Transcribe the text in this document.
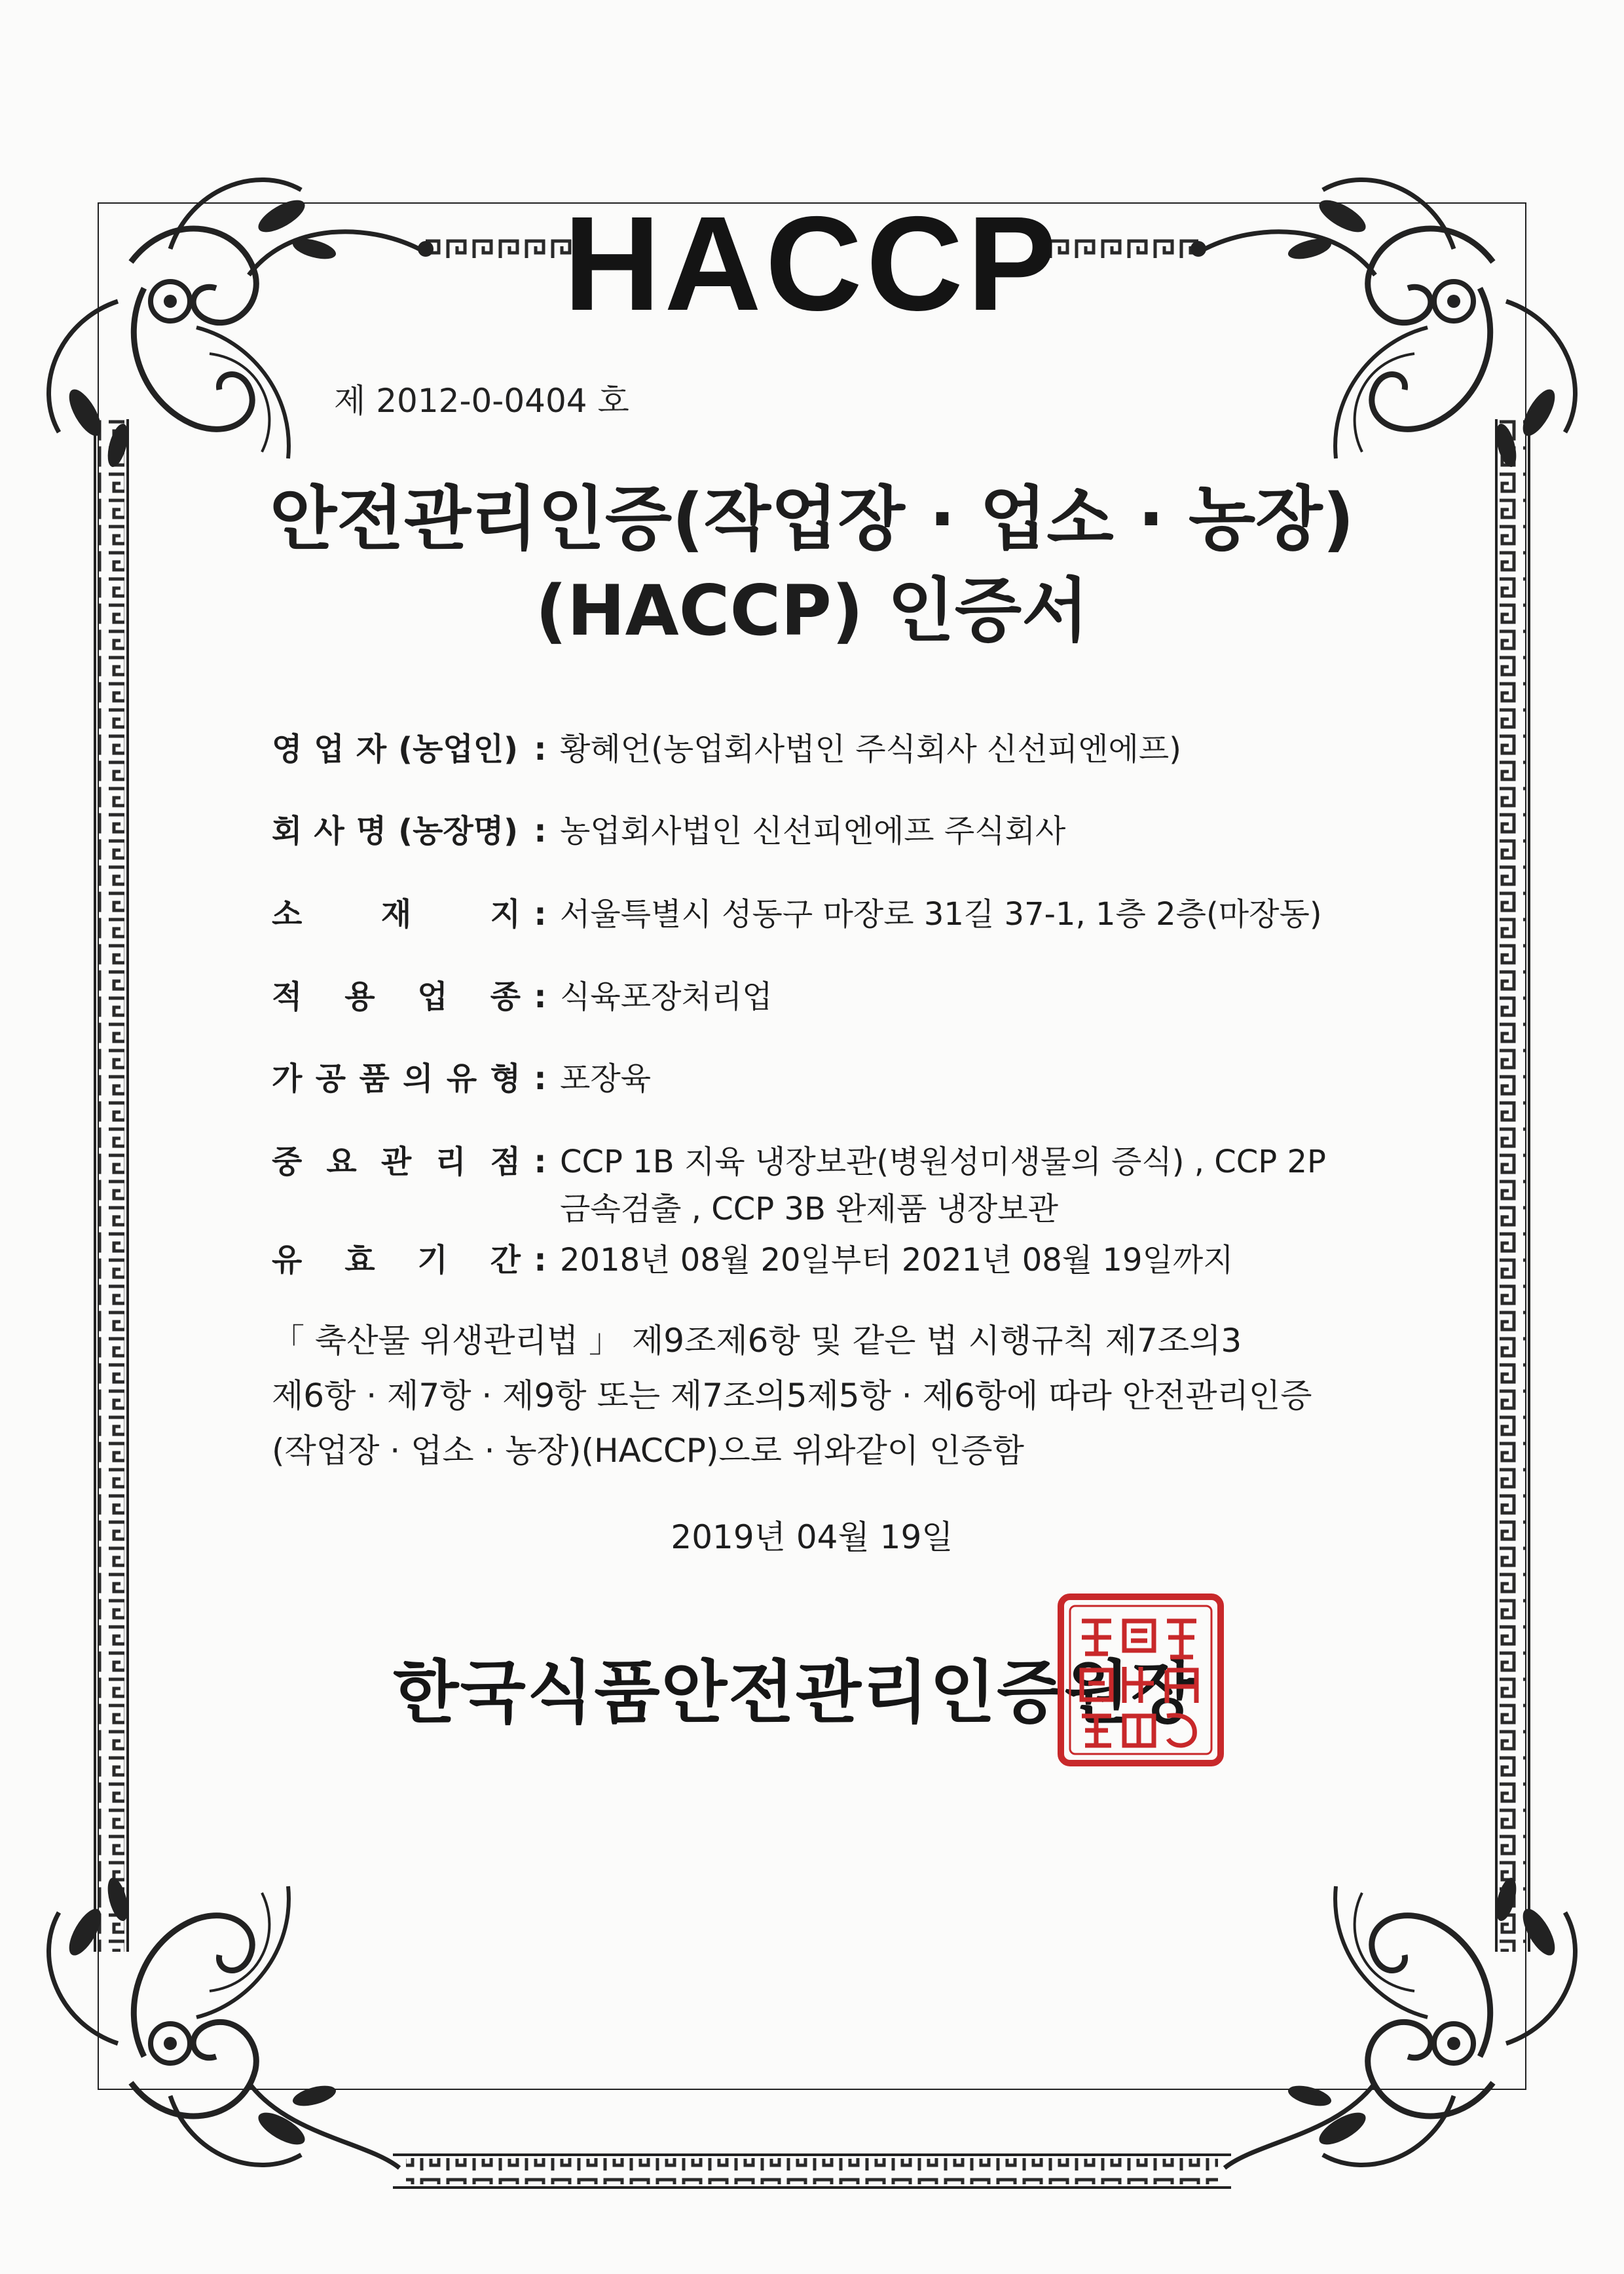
HACCP
제 2012-0-0404 호
안전관리인증(작업장 · 업소 · 농장)
(HACCP) 인증서
영 업 자 (농업인) : 황혜언(농업회사법인 주식회사 신선피엔에프)
회 사 명 (농장명) : 농업회사법인 신선피엔에프 주식회사
소	재	지 : 서울특별시 성동구 마장로 31길 37-1, 1층 2층(마장동)
적 용 업 종 : 식육포장처리업
가 공 품 의 유 형 : 포장육
중 요 관 리 점 : CCP 1B 지육 냉장보관(병원성미생물의 증식) , CCP 2P
금속검출 , CCP 3B 완제품 냉장보관
유 효 기 간 : 2018년 08월 20일부터 2021년 08월 19일까지
「 축산물 위생관리법 」 제9조제6항 및 같은 법 시행규칙 제7조의3
제6항 · 제7항 · 제9항 또는 제7조의5제5항 · 제6항에 따라 안전관리인증
(작업장 · 업소 · 농장)(HACCP)으로 위와같이 인증함
2019년 04월 19일
한국식품안전관리인증원장
